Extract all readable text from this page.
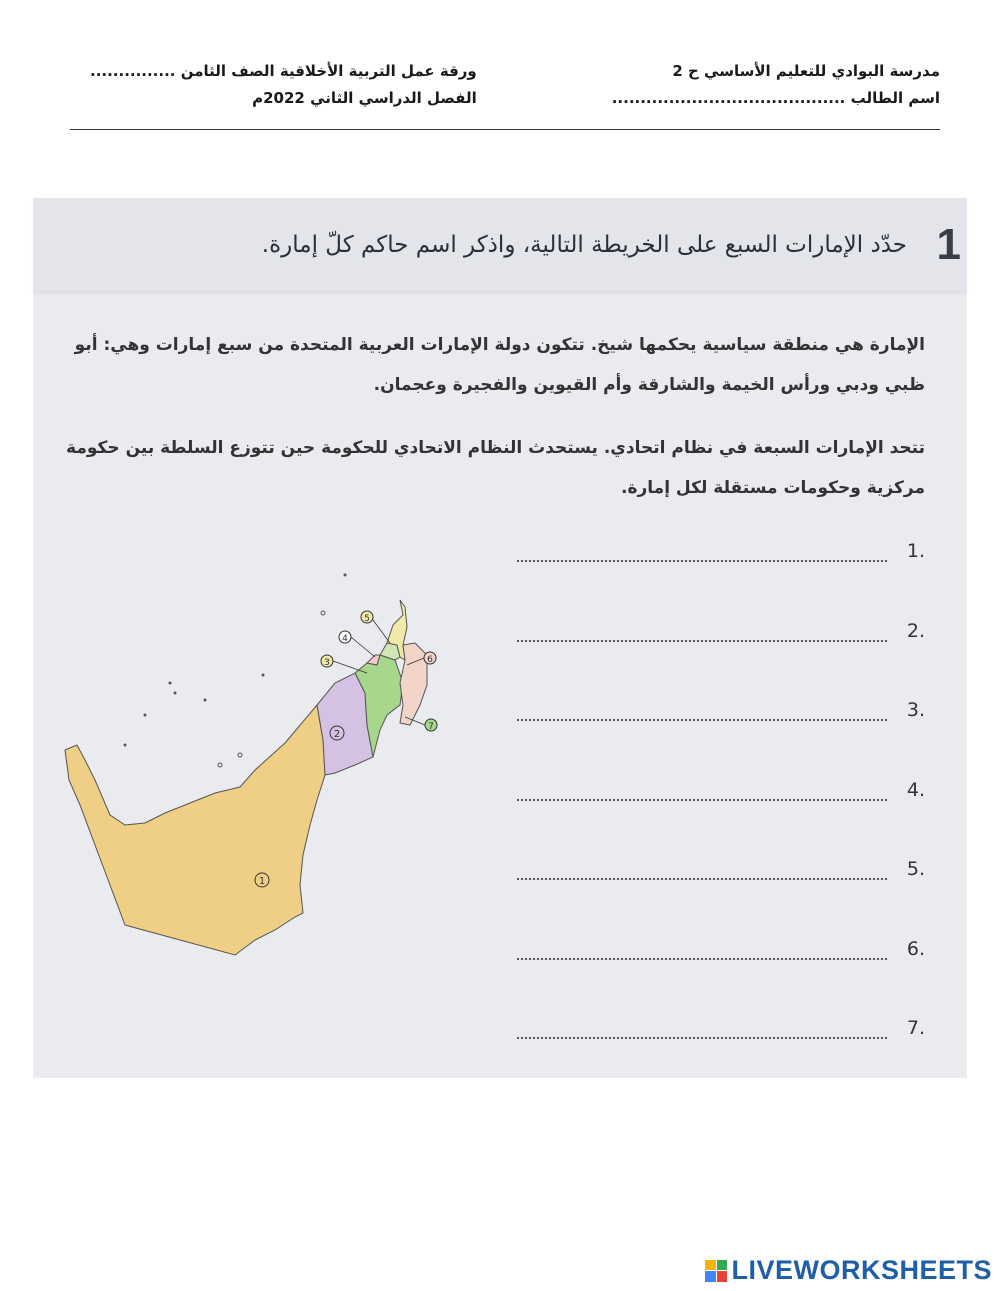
مدرسة البوادي للتعليم الأساسي ح 2
اسم الطالب .........................................
ورقة عمل التربية الأخلاقية الصف الثامن ...............
الفصل الدراسي الثاني 2022م
1
حدّد الإمارات السبع على الخريطة التالية، واذكر اسم حاكم كلّ إمارة.
الإمارة هي منطقة سياسية يحكمها شيخ. تتكون دولة الإمارات العربية المتحدة من سبع إمارات وهي: أبو ظبي ودبي ورأس الخيمة والشارقة وأم القيوين والفجيرة وعجمان.
تتحد الإمارات السبعة في نظام اتحادي. يستحدث النظام الاتحادي للحكومة حين تتوزع السلطة بين حكومة مركزية وحكومات مستقلة لكل إمارة.
.1
.2
.3
.4
.5
.6
.7
1
2
3
4
5
6
7
LIVEWORKSHEETS
